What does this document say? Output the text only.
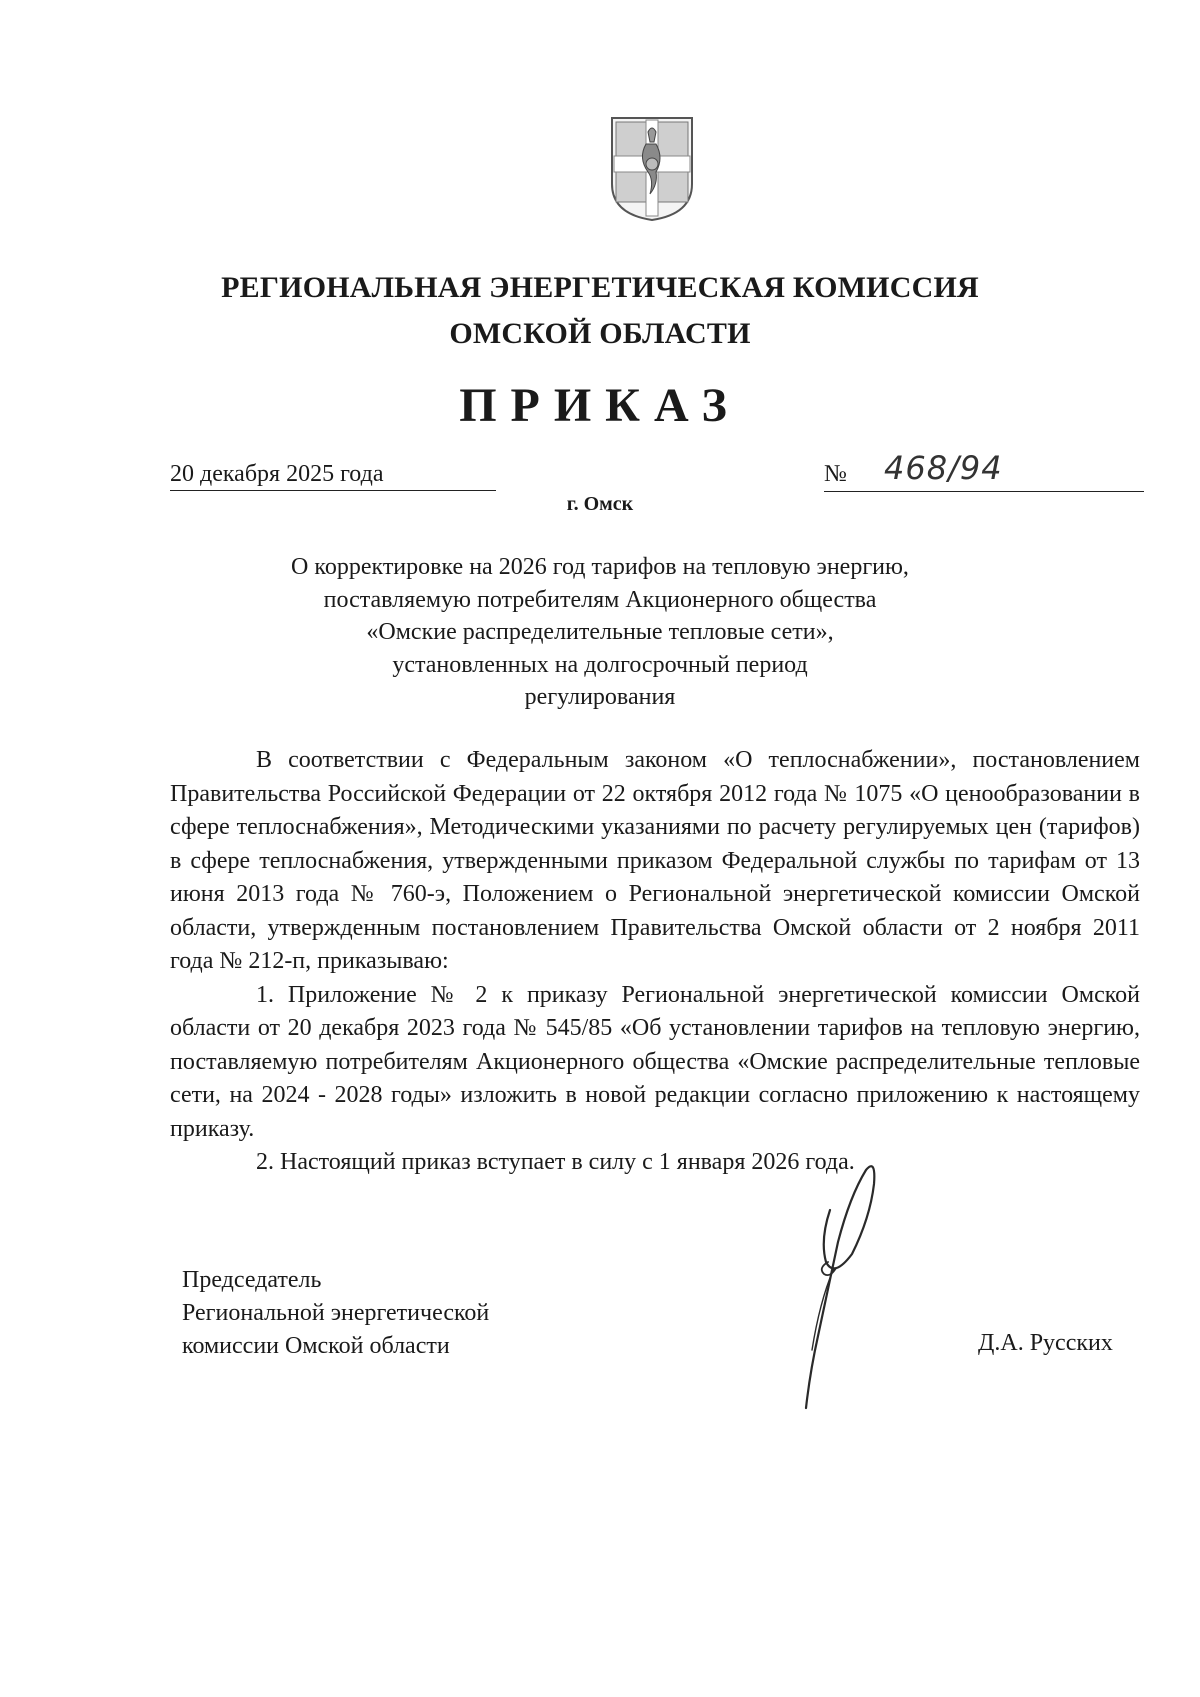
РЕГИОНАЛЬНАЯ ЭНЕРГЕТИЧЕСКАЯ КОМИССИЯ
ОМСКОЙ ОБЛАСТИ
ПРИКАЗ
20 декабря 2025 года	№ 468/94
г. Омск
О корректировке на 2026 год тарифов на тепловую энергию,
поставляемую потребителям Акционерного общества
«Омские распределительные тепловые сети»,
установленных на долгосрочный период
регулирования

В соответствии с Федеральным законом «О теплоснабжении», постановлением Правительства Российской Федерации от 22 октября 2012 года № 1075 «О ценообразовании в сфере теплоснабжения», Методическими указаниями по расчету регулируемых цен (тарифов) в сфере теплоснабжения, утвержденными приказом Федеральной службы по тарифам от 13 июня 2013 года № 760-э, Положением о Региональной энергетической комиссии Омской области, утвержденным постановлением Правительства Омской области от 2 ноября 2011 года № 212-п, приказываю:

1. Приложение № 2 к приказу Региональной энергетической комиссии Омской области от 20 декабря 2023 года № 545/85 «Об установлении тарифов на тепловую энергию, поставляемую потребителям Акционерного общества «Омские распределительные тепловые сети, на 2024 - 2028 годы» изложить в новой редакции согласно приложению к настоящему приказу.

2. Настоящий приказ вступает в силу с 1 января 2026 года.

Председатель
Региональной энергетической
комиссии Омской области	Д.А. Русских
